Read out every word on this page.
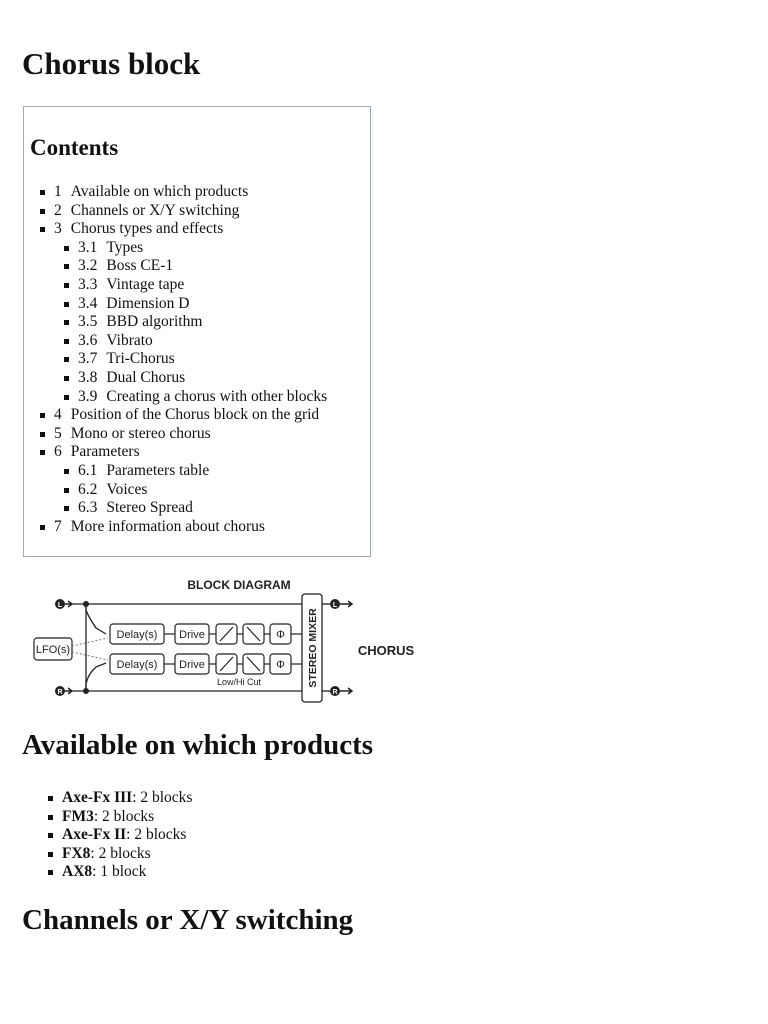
Chorus block
Contents
1 Available on which products
2 Channels or X/Y switching
3 Chorus types and effects
3.1 Types
3.2 Boss CE-1
3.3 Vintage tape
3.4 Dimension D
3.5 BBD algorithm
3.6 Vibrato
3.7 Tri-Chorus
3.8 Dual Chorus
3.9 Creating a chorus with other blocks
4 Position of the Chorus block on the grid
5 Mono or stereo chorus
6 Parameters
6.1 Parameters table
6.2 Voices
6.3 Stereo Spread
7 More information about chorus
BLOCK DIAGRAM
L
R
LFO(s)
Delay(s) Drive	Φ
Delay(s) Drive	Φ
Low/Hi Cut	STEREO MIXER
L
R
CHORUS
Available on which products
Axe-Fx III: 2 blocks
FM3: 2 blocks
Axe-Fx II: 2 blocks
FX8: 2 blocks
AX8: 1 block
Channels or X/Y switching
